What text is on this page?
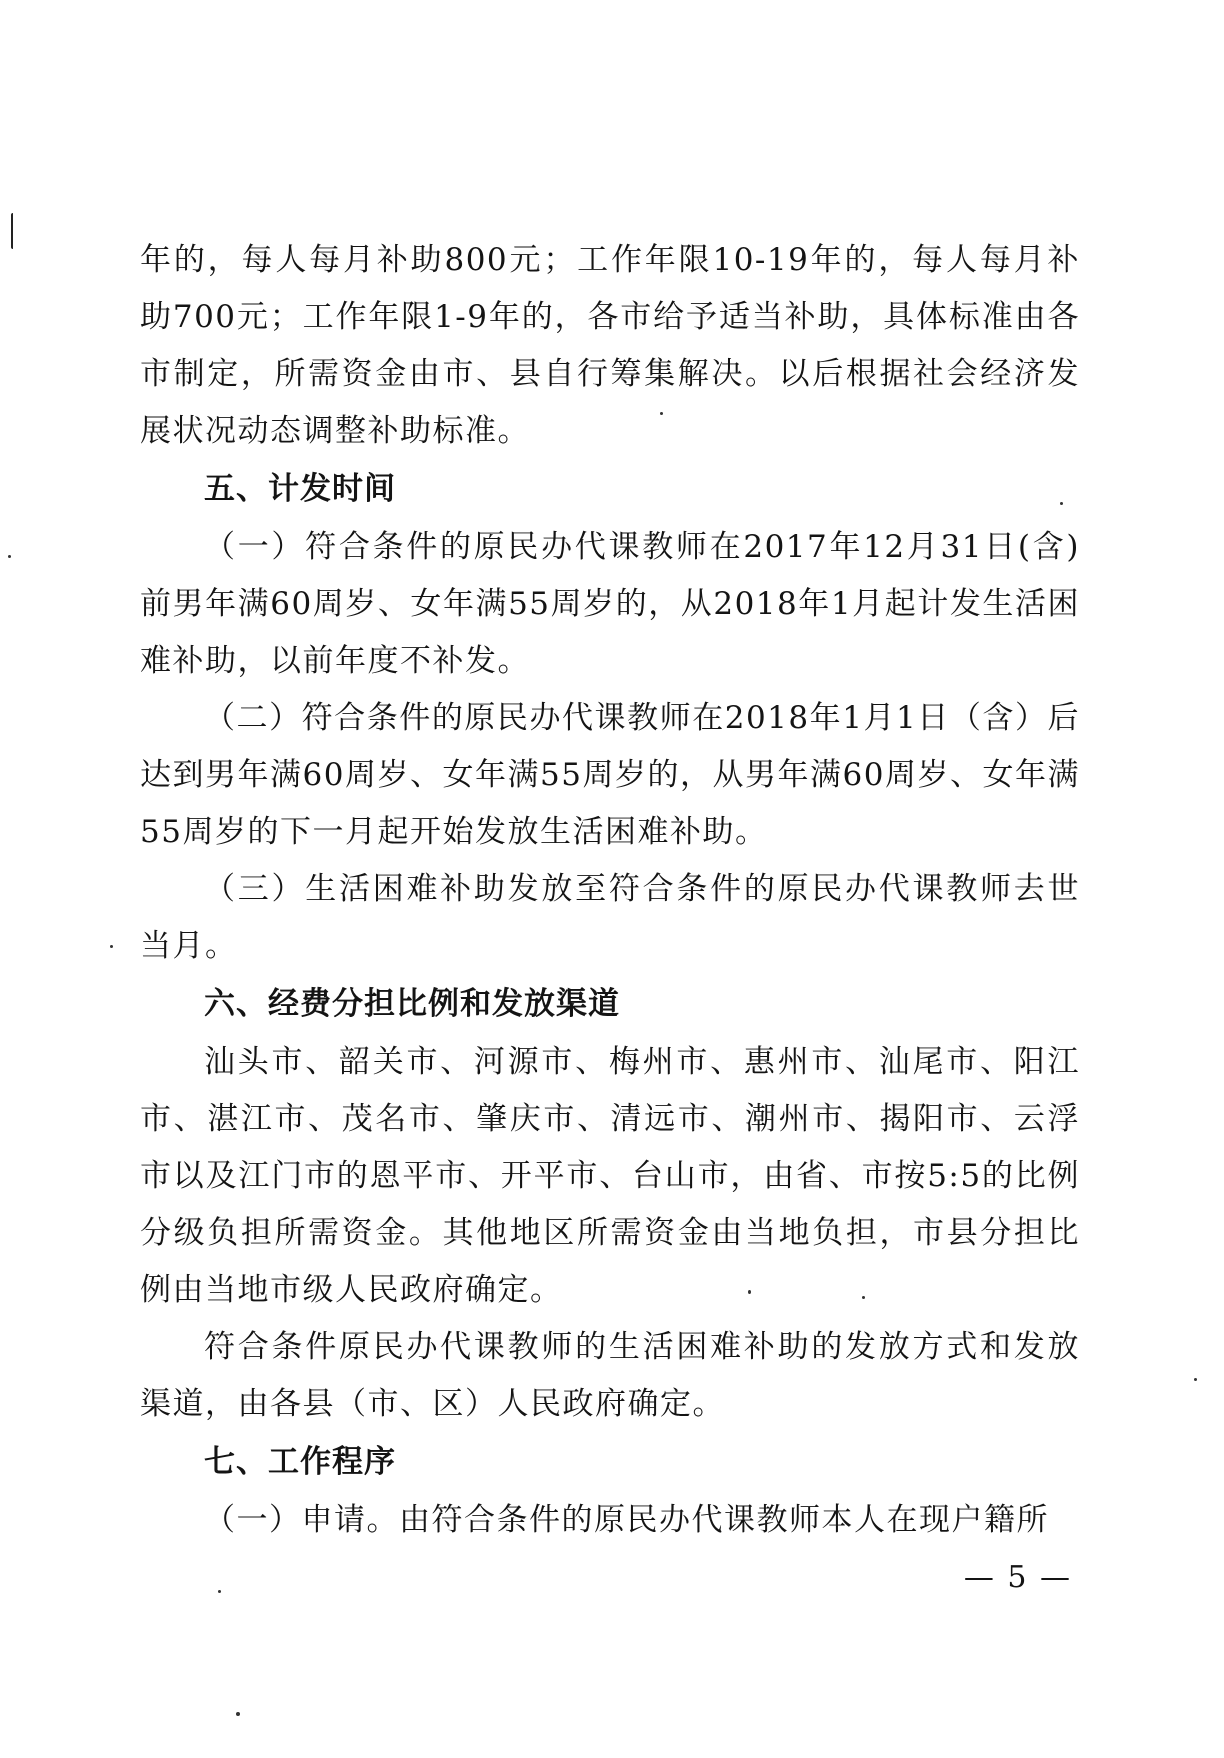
年的，每人每月补助800元；工作年限10-19年的，每人每月补助700元；工作年限1-9年的，各市给予适当补助，具体标准由各市制定，所需资金由市、县自行筹集解决。以后根据社会经济发展状况动态调整补助标准。

五、计发时间

（一）符合条件的原民办代课教师在2017年12月31日(含)前男年满60周岁、女年满55周岁的，从2018年1月起计发生活困难补助，以前年度不补发。

（二）符合条件的原民办代课教师在2018年1月1日（含）后达到男年满60周岁、女年满55周岁的，从男年满60周岁、女年满55周岁的下一月起开始发放生活困难补助。

（三）生活困难补助发放至符合条件的原民办代课教师去世当月。

六、经费分担比例和发放渠道

汕头市、韶关市、河源市、梅州市、惠州市、汕尾市、阳江市、湛江市、茂名市、肇庆市、清远市、潮州市、揭阳市、云浮市以及江门市的恩平市、开平市、台山市，由省、市按5:5的比例分级负担所需资金。其他地区所需资金由当地负担，市县分担比例由当地市级人民政府确定。

符合条件原民办代课教师的生活困难补助的发放方式和发放渠道，由各县（市、区）人民政府确定。

七、工作程序

（一）申请。由符合条件的原民办代课教师本人在现户籍所

— 5 —
